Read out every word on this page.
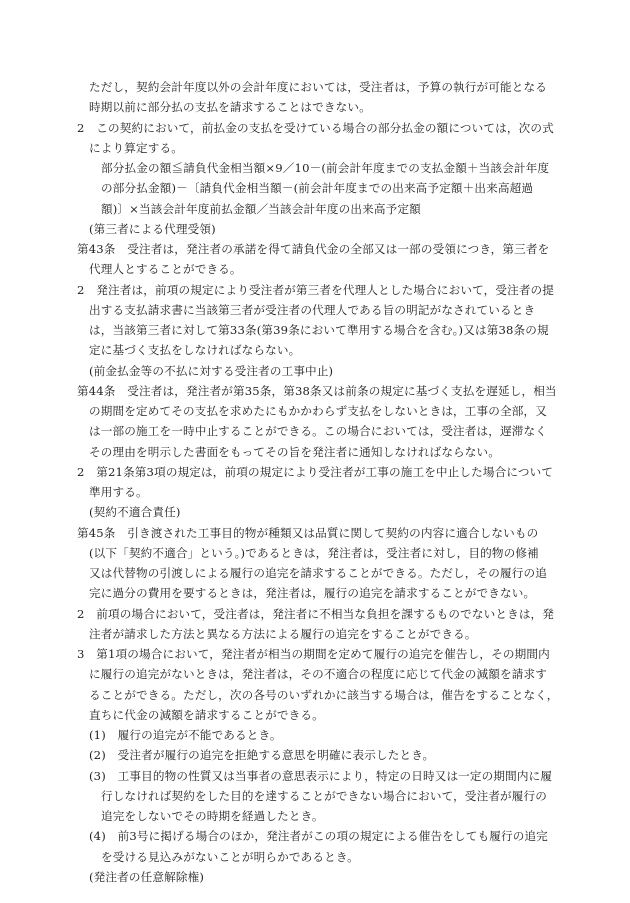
ただし，契約会計年度以外の会計年度においては，受注者は，予算の執行が可能となる
時期以前に部分払の支払を請求することはできない。
2　この契約において，前払金の支払を受けている場合の部分払金の額については，次の式
により算定する。
部分払金の額≦請負代金相当額×9／10－(前会計年度までの支払金額＋当該会計年度
の部分払金額)－〔請負代金相当額－(前会計年度までの出来高予定額＋出来高超過
額)〕×当該会計年度前払金額／当該会計年度の出来高予定額
(第三者による代理受領)
第43条　受注者は，発注者の承諾を得て請負代金の全部又は一部の受領につき，第三者を
代理人とすることができる。
2　発注者は，前項の規定により受注者が第三者を代理人とした場合において，受注者の提
出する支払請求書に当該第三者が受注者の代理人である旨の明記がなされているとき
は，当該第三者に対して第33条(第39条において準用する場合を含む。)又は第38条の規
定に基づく支払をしなければならない。
(前金払金等の不払に対する受注者の工事中止)
第44条　受注者は，発注者が第35条，第38条又は前条の規定に基づく支払を遅延し，相当
の期間を定めてその支払を求めたにもかかわらず支払をしないときは，工事の全部，又
は一部の施工を一時中止することができる。この場合においては，受注者は，遅滞なく
その理由を明示した書面をもってその旨を発注者に通知しなければならない。
2　第21条第3項の規定は，前項の規定により受注者が工事の施工を中止した場合について
準用する。
(契約不適合責任)
第45条　引き渡された工事目的物が種類又は品質に関して契約の内容に適合しないもの
(以下「契約不適合」という。)であるときは，発注者は，受注者に対し，目的物の修補
又は代替物の引渡しによる履行の追完を請求することができる。ただし，その履行の追
完に過分の費用を要するときは，発注者は，履行の追完を請求することができない。
2　前項の場合において，受注者は，発注者に不相当な負担を課するものでないときは，発
注者が請求した方法と異なる方法による履行の追完をすることができる。
3　第1項の場合において，発注者が相当の期間を定めて履行の追完を催告し，その期間内
に履行の追完がないときは，発注者は，その不適合の程度に応じて代金の減額を請求す
ることができる。ただし，次の各号のいずれかに該当する場合は，催告をすることなく，
直ちに代金の減額を請求することができる。
(1)　履行の追完が不能であるとき。
(2)　受注者が履行の追完を拒絶する意思を明確に表示したとき。
(3)　工事目的物の性質又は当事者の意思表示により，特定の日時又は一定の期間内に履
行しなければ契約をした目的を達することができない場合において，受注者が履行の
追完をしないでその時期を経過したとき。
(4)　前3号に掲げる場合のほか，発注者がこの項の規定による催告をしても履行の追完
を受ける見込みがないことが明らかであるとき。
(発注者の任意解除権)
